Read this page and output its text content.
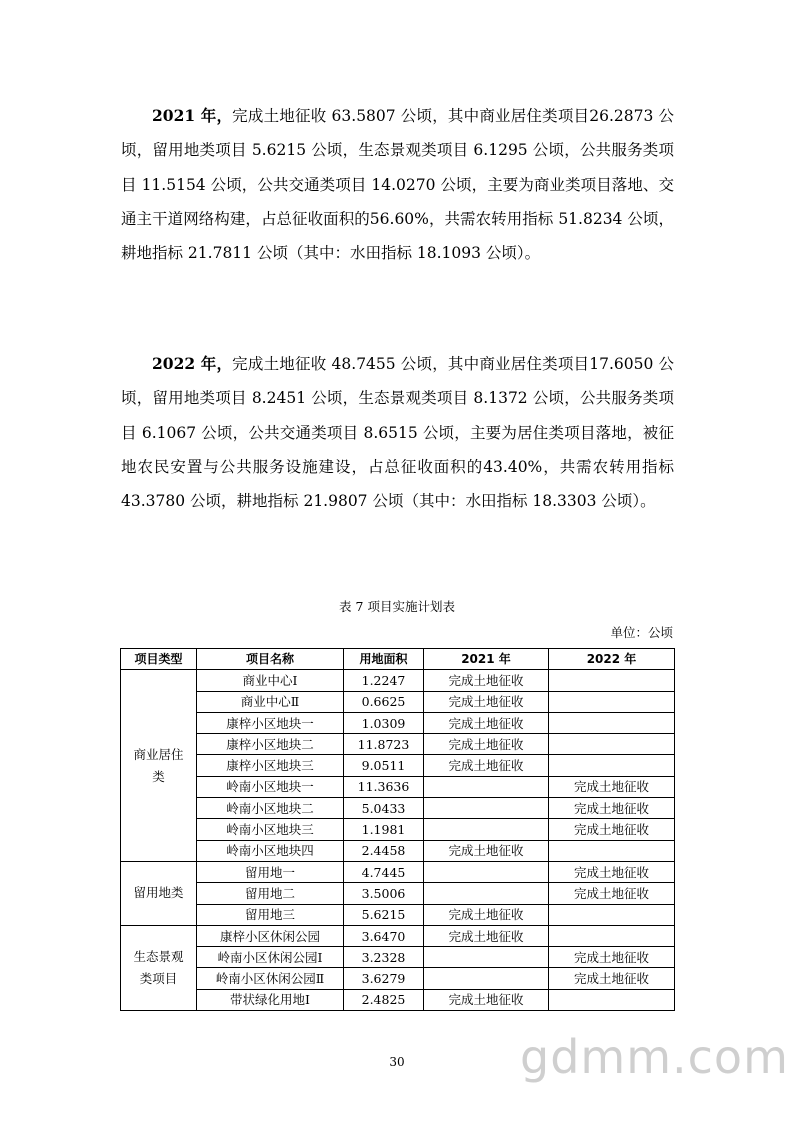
2021 年，完成土地征收 63.5807 公顷，其中商业居住类项目26.2873 公顷，留用地类项目 5.6215 公顷，生态景观类项目 6.1295 公顷，公共服务类项目 11.5154 公顷，公共交通类项目 14.0270 公顷，主要为商业类项目落地、交通主干道网络构建，占总征收面积的56.60%，共需农转用指标 51.8234 公顷，耕地指标 21.7811 公顷（其中：水田指标 18.1093 公顷）。

2022 年，完成土地征收 48.7455 公顷，其中商业居住类项目17.6050 公顷，留用地类项目 8.2451 公顷，生态景观类项目 8.1372 公顷，公共服务类项目 6.1067 公顷，公共交通类项目 8.6515 公顷，主要为居住类项目落地，被征地农民安置与公共服务设施建设，占总征收面积的43.40%，共需农转用指标 43.3780 公顷，耕地指标 21.9807 公顷（其中：水田指标 18.3303 公顷）。

表 7 项目实施计划表
单位：公顷
项目类型	项目名称	用地面积	2021 年	2022 年
商业居住类	商业中心Ⅰ	1.2247	完成土地征收	
	商业中心Ⅱ	0.6625	完成土地征收	
	康梓小区地块一	1.0309	完成土地征收	
	康梓小区地块二	11.8723	完成土地征收	
	康梓小区地块三	9.0511	完成土地征收	
	岭南小区地块一	11.3636		完成土地征收
	岭南小区地块二	5.0433		完成土地征收
	岭南小区地块三	1.1981		完成土地征收
	岭南小区地块四	2.4458	完成土地征收	
留用地类	留用地一	4.7445		完成土地征收
	留用地二	3.5006		完成土地征收
	留用地三	5.6215	完成土地征收	
生态景观类项目	康梓小区休闲公园	3.6470	完成土地征收	
	岭南小区休闲公园Ⅰ	3.2328		完成土地征收
	岭南小区休闲公园Ⅱ	3.6279		完成土地征收
	带状绿化用地Ⅰ	2.4825	完成土地征收	
gdmm.com
30
